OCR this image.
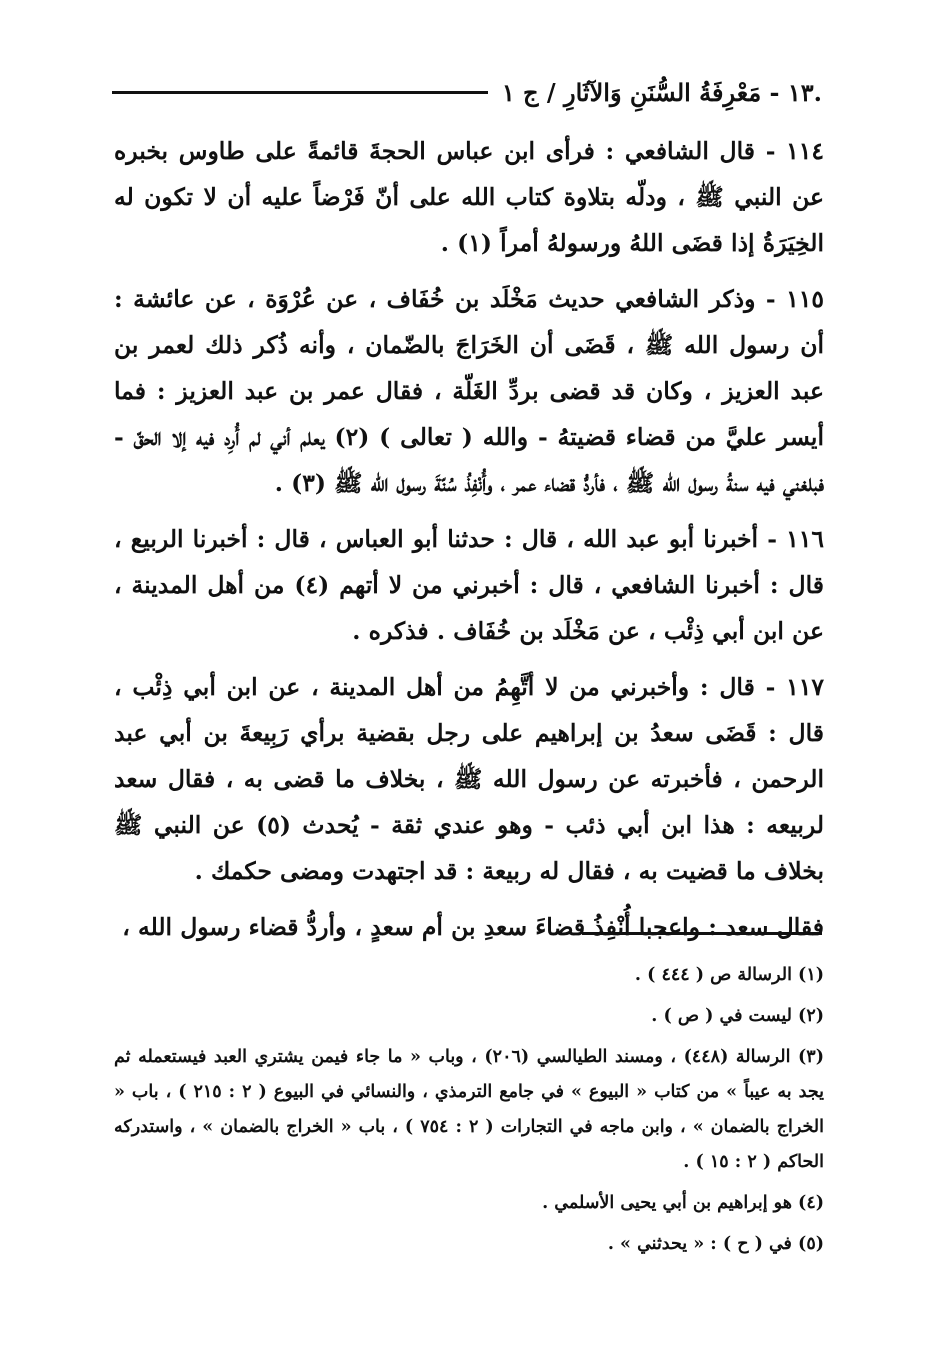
.١٣ - مَعْرِفَةُ السُّنَنِ وَالآثَارِ / ج ١

١١٤ - قال الشافعي : فرأى ابن عباس الحجةَ قائمةً على طاوس بخبره عن النبي ﷺ ، ودلّه بتلاوة كتاب الله على أنّ فَرْضاً عليه أن لا تكون له الخِيَرَةُ إذا قضَى اللهُ ورسولهُ أمراً (١) .

١١٥ - وذكر الشافعي حديث مَخْلَد بن خُفَاف ، عن عُرْوَة ، عن عائشة : أن رسول الله ﷺ ، قَضَى أن الخَرَاجَ بالضّمان ، وأنه ذُكر ذلك لعمر بن عبد العزيز ، وكان قد قضى بردِّ الغَلّة ، فقال عمر بن عبد العزيز : فما أيسر عليَّ من قضاء قضيتهُ - والله ( تعالى ) (٢) يعلم أني لم أُرِد فيه إلا الحقّ - فبلغني فيه سنةُ رسول الله ﷺ ، فأردُّ قضاء عمر ، وأُنْفِذُ سُنّةَ رسول الله ﷺ (٣) .

١١٦ - أخبرنا أبو عبد الله ، قال : حدثنا أبو العباس ، قال : أخبرنا الربيع ، قال : أخبرنا الشافعي ، قال : أخبرني من لا أتهم (٤) من أهل المدينة ، عن ابن أبي ذِئْب ، عن مَخْلَد بن خُفَاف . فذكره .

١١٧ - قال : وأخبرني من لا أتَّهِمُ من أهل المدينة ، عن ابن أبي ذِئْب ، قال : قَضَى سعدُ بن إبراهيم على رجل بقضية برأي رَبِيعةَ بن أبي عبد الرحمن ، فأخبرته عن رسول الله ﷺ ، بخلاف ما قضى به ، فقال سعد لربيعه : هذا ابن أبي ذئب - وهو عندي ثقة - يُحدث (٥) عن النبي ﷺ بخلاف ما قضيت به ، فقال له ربيعة : قد اجتهدت ومضى حكمك .

فقال سعد : واعجبا أُنْفِذُ قضاءَ سعدِ بن أم سعدٍ ، وأردُّ قضاء رسول الله ،

(١) الرسالة ص ( ٤٤٤ ) .

(٢) ليست في ( ص ) .

(٣) الرسالة (٤٤٨) ، ومسند الطيالسي (٢٠٦) ، وباب « ما جاء فيمن يشتري العبد فيستعمله ثم يجد به عيباً » من كتاب « البيوع » في جامع الترمذي ، والنسائي في البيوع ( ٢ : ٢١٥ ) ، باب « الخراج بالضمان » ، وابن ماجه في التجارات ( ٢ : ٧٥٤ ) ، باب « الخراج بالضمان » ، واستدركه الحاكم ( ٢ : ١٥ ) .

(٤) هو إبراهيم بن أبي يحيى الأسلمي .

(٥) في ( ح ) : « يحدثني » .
